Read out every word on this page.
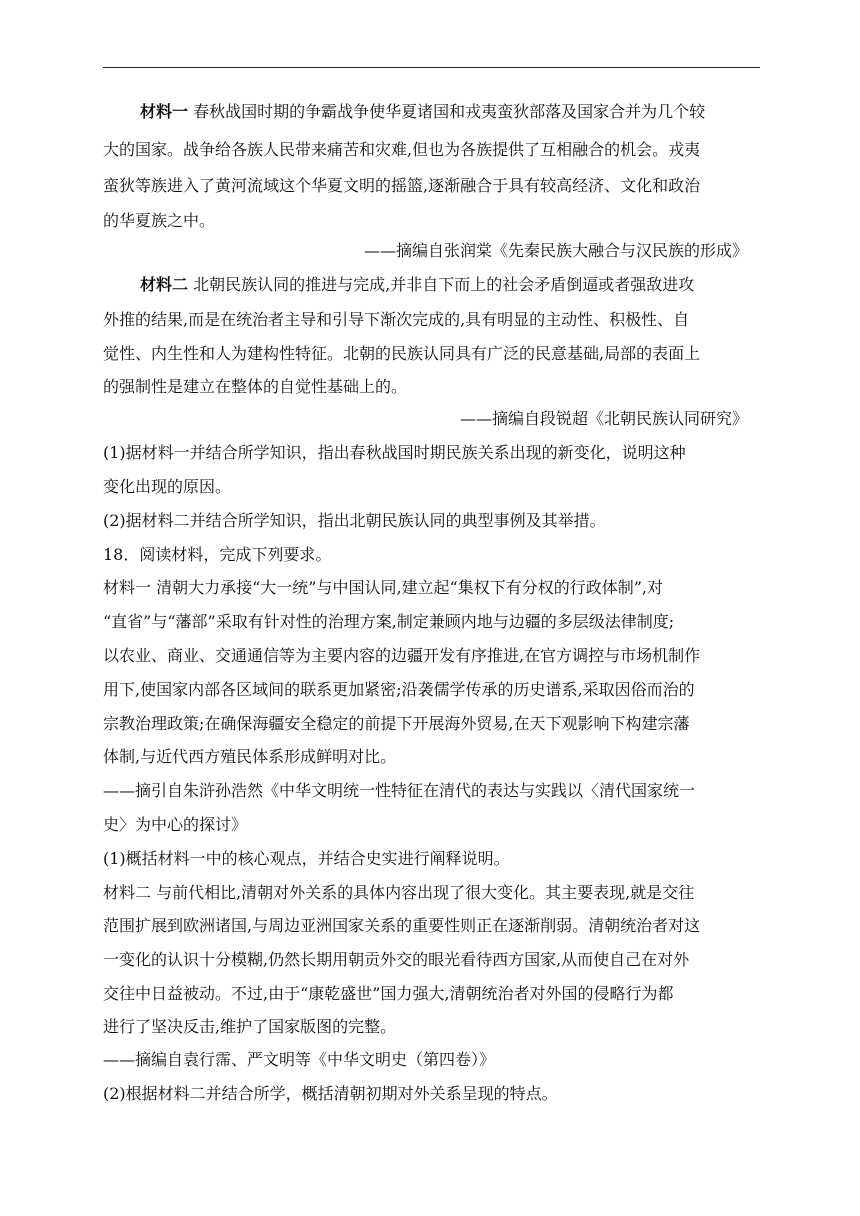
材料一 春秋战国时期的争霸战争使华夏诸国和戎夷蛮狄部落及国家合并为几个较
大的国家。战争给各族人民带来痛苦和灾难,但也为各族提供了互相融合的机会。戎夷
蛮狄等族进入了黄河流域这个华夏文明的摇篮,逐渐融合于具有较高经济、文化和政治
的华夏族之中。
——摘编自张润棠《先秦民族大融合与汉民族的形成》
材料二 北朝民族认同的推进与完成,并非自下而上的社会矛盾倒逼或者强敌进攻
外推的结果,而是在统治者主导和引导下渐次完成的,具有明显的主动性、积极性、自
觉性、内生性和人为建构性特征。北朝的民族认同具有广泛的民意基础,局部的表面上
的强制性是建立在整体的自觉性基础上的。
——摘编自段锐超《北朝民族认同研究》
(1)据材料一并结合所学知识，指出春秋战国时期民族关系出现的新变化，说明这种
变化出现的原因。
(2)据材料二并结合所学知识，指出北朝民族认同的典型事例及其举措。
18．阅读材料，完成下列要求。
材料一 清朝大力承接“大一统”与中国认同,建立起“集权下有分权的行政体制”,对
“直省”与“藩部”采取有针对性的治理方案,制定兼顾内地与边疆的多层级法律制度;
以农业、商业、交通通信等为主要内容的边疆开发有序推进,在官方调控与市场机制作
用下,使国家内部各区域间的联系更加紧密;沿袭儒学传承的历史谱系,采取因俗而治的
宗教治理政策;在确保海疆安全稳定的前提下开展海外贸易,在天下观影响下构建宗藩
体制,与近代西方殖民体系形成鲜明对比。
——摘引自朱浒孙浩然《中华文明统一性特征在清代的表达与实践以〈清代国家统一
史〉为中心的探讨》
(1)概括材料一中的核心观点，并结合史实进行阐释说明。
材料二 与前代相比,清朝对外关系的具体内容出现了很大变化。其主要表现,就是交往
范围扩展到欧洲诸国,与周边亚洲国家关系的重要性则正在逐渐削弱。清朝统治者对这
一变化的认识十分模糊,仍然长期用朝贡外交的眼光看待西方国家,从而使自己在对外
交往中日益被动。不过,由于“康乾盛世”国力强大,清朝统治者对外国的侵略行为都
进行了坚决反击,维护了国家版图的完整。
——摘编自袁行霈、严文明等《中华文明史（第四卷）》
(2)根据材料二并结合所学，概括清朝初期对外关系呈现的特点。
